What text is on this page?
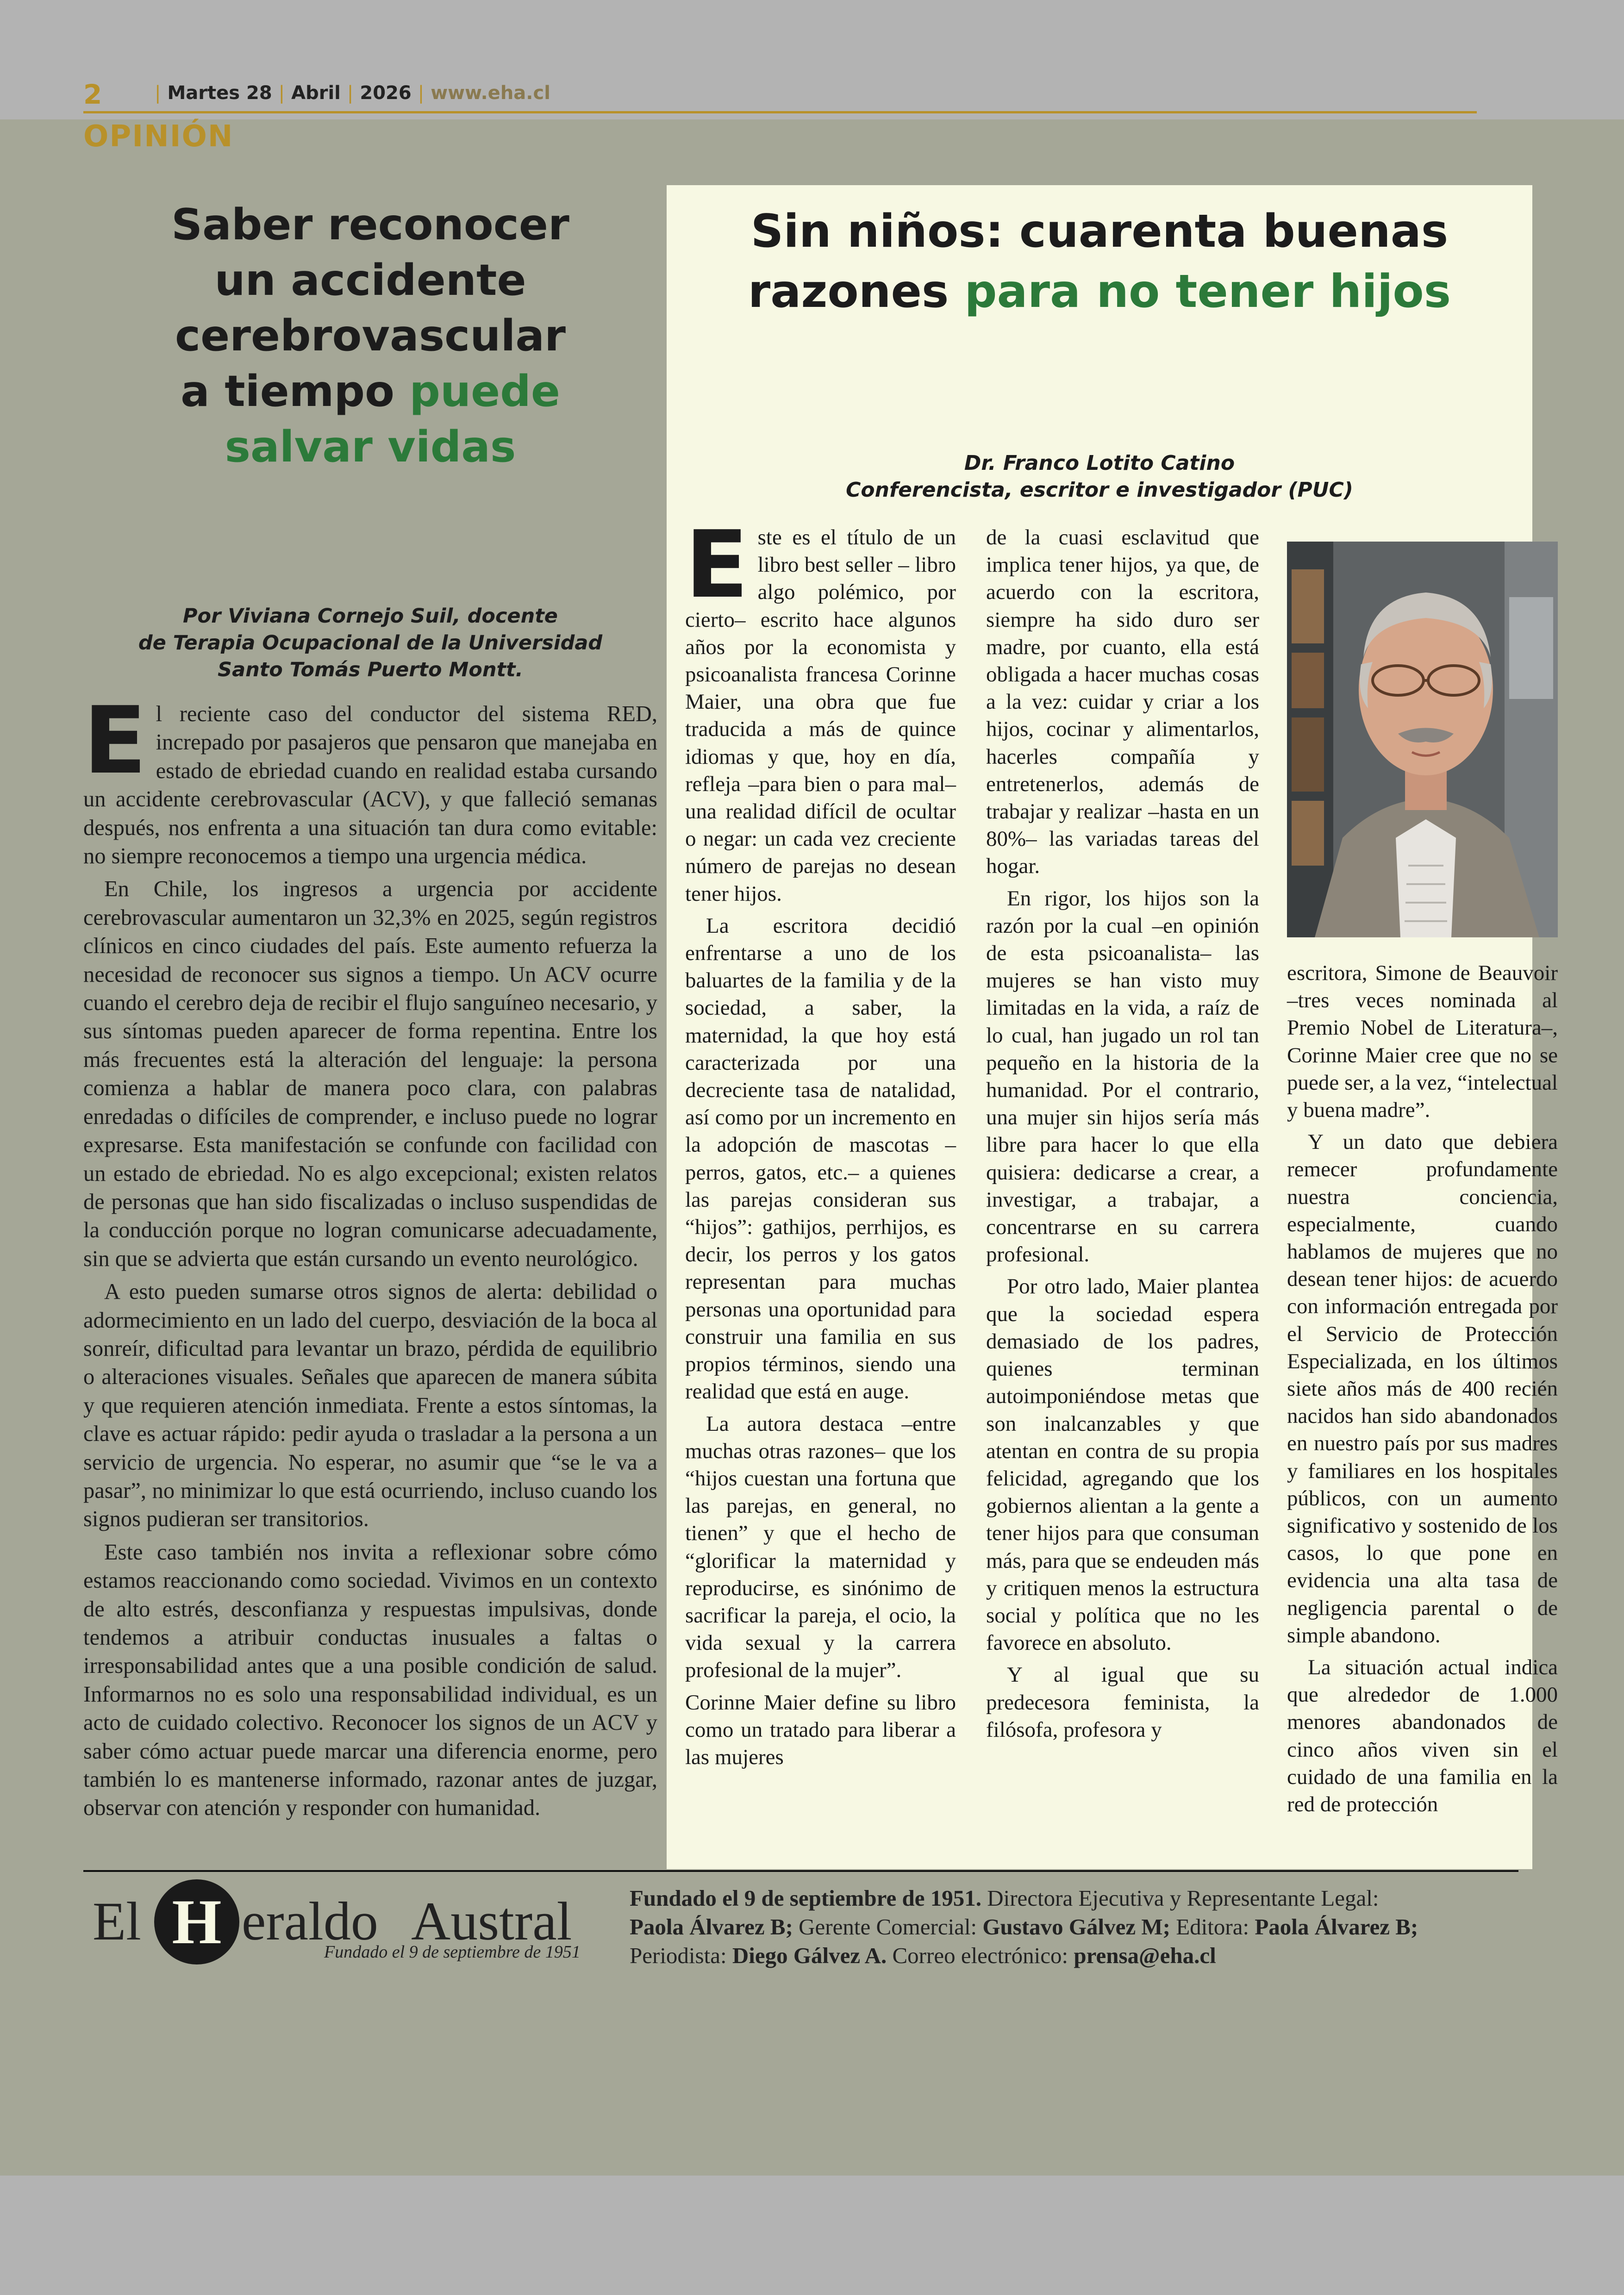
2	| Martes 28 | Abril | 2026 | www.eha.cl
OPINIÓN
Saber reconocer
un accidente
cerebrovascular
a tiempo puede
salvar vidas
Por Viviana Cornejo Suil, docente
de Terapia Ocupacional de la Universidad
Santo Tomás Puerto Montt.

El reciente caso del conductor del sistema RED, increpado por pasajeros que pensaron que manejaba en estado de ebriedad cuando en realidad estaba cursando un accidente cerebrovascular (ACV), y que falleció semanas después, nos enfrenta a una situación tan dura como evitable: no siempre reconocemos a tiempo una urgencia médica.

En Chile, los ingresos a urgencia por accidente cerebrovascular aumentaron un 32,3% en 2025, según registros clínicos en cinco ciudades del país. Este aumento refuerza la necesidad de reconocer sus signos a tiempo. Un ACV ocurre cuando el cerebro deja de recibir el flujo sanguíneo necesario, y sus síntomas pueden aparecer de forma repentina. Entre los más frecuentes está la alteración del lenguaje: la persona comienza a hablar de manera poco clara, con palabras enredadas o difíciles de comprender, e incluso puede no lograr expresarse. Esta manifestación se confunde con facilidad con un estado de ebriedad. No es algo excepcional; existen relatos de personas que han sido fiscalizadas o incluso suspendidas de la conducción porque no logran comunicarse adecuadamente, sin que se advierta que están cursando un evento neurológico.

A esto pueden sumarse otros signos de alerta: debilidad o adormecimiento en un lado del cuerpo, desviación de la boca al sonreír, dificultad para levantar un brazo, pérdida de equilibrio o alteraciones visuales. Señales que aparecen de manera súbita y que requieren atención inmediata. Frente a estos síntomas, la clave es actuar rápido: pedir ayuda o trasladar a la persona a un servicio de urgencia. No esperar, no asumir que “se le va a pasar”, no minimizar lo que está ocurriendo, incluso cuando los signos pudieran ser transitorios.

Este caso también nos invita a reflexionar sobre cómo estamos reaccionando como sociedad. Vivimos en un contexto de alto estrés, desconfianza y respuestas impulsivas, donde tendemos a atribuir conductas inusuales a faltas o irresponsabilidad antes que a una posible condición de salud. Informarnos no es solo una responsabilidad individual, es un acto de cuidado colectivo. Reconocer los signos de un ACV y saber cómo actuar puede marcar una diferencia enorme, pero también lo es mantenerse informado, razonar antes de juzgar, observar con atención y responder con humanidad.

Sin niños: cuarenta buenas
razones para no tener hijos
Dr. Franco Lotito Catino
Conferencista, escritor e investigador (PUC)

Este es el título de un libro best seller – libro algo polémico, por cierto– escrito hace algunos años por la economista y psicoanalista francesa Corinne Maier, una obra que fue traducida a más de quince idiomas y que, hoy en día, refleja –para bien o para mal– una realidad difícil de ocultar o negar: un cada vez creciente número de parejas no desean tener hijos.

La escritora decidió enfrentarse a uno de los baluartes de la familia y de la sociedad, a saber, la maternidad, la que hoy está caracterizada por una decreciente tasa de natalidad, así como por un incremento en la adopción de mascotas –perros, gatos, etc.– a quienes las parejas consideran sus “hijos”: gathijos, perrhijos, es decir, los perros y los gatos representan para muchas personas una oportunidad para construir una familia en sus propios términos, siendo una realidad que está en auge.

La autora destaca –entre muchas otras razones– que los “hijos cuestan una fortuna que las parejas, en general, no tienen” y que el hecho de “glorificar la maternidad y reproducirse, es sinónimo de sacrificar la pareja, el ocio, la vida sexual y la carrera profesional de la mujer”.

Corinne Maier define su libro como un tratado para liberar a las mujeres

de la cuasi esclavitud que implica tener hijos, ya que, de acuerdo con la escritora, siempre ha sido duro ser madre, por cuanto, ella está obligada a hacer muchas cosas a la vez: cuidar y criar a los hijos, cocinar y alimentarlos, hacerles compañía y entretenerlos, además de trabajar y realizar –hasta en un 80%– las variadas tareas del hogar.

En rigor, los hijos son la razón por la cual –en opinión de esta psicoanalista– las mujeres se han visto muy limitadas en la vida, a raíz de lo cual, han jugado un rol tan pequeño en la historia de la humanidad. Por el contrario, una mujer sin hijos sería más libre para hacer lo que ella quisiera: dedicarse a crear, a investigar, a trabajar, a concentrarse en su carrera profesional.

Por otro lado, Maier plantea que la sociedad espera demasiado de los padres, quienes terminan autoimponiéndose metas que son inalcanzables y que atentan en contra de su propia felicidad, agregando que los gobiernos alientan a la gente a tener hijos para que consuman más, para que se endeuden más y critiquen menos la estructura social y política que no les favorece en absoluto.

Y al igual que su predecesora feminista, la filósofa, profesora y

escritora, Simone de Beauvoir –tres veces nominada al Premio Nobel de Literatura–, Corinne Maier cree que no se puede ser, a la vez, “intelectual y buena madre”.

Y un dato que debiera remecer profundamente nuestra conciencia, especialmente, cuando hablamos de mujeres que no desean tener hijos: de acuerdo con información entregada por el Servicio de Protección Especializada, en los últimos siete años más de 400 recién nacidos han sido abandonados en nuestro país por sus madres y familiares en los hospitales públicos, con un aumento significativo y sostenido de los casos, lo que pone en evidencia una alta tasa de negligencia parental o de simple abandono.

La situación actual indica que alrededor de 1.000 menores abandonados de cinco años viven sin el cuidado de una familia en la red de protección

El H eraldo Austral
Fundado el 9 de septiembre de 1951
Fundado el 9 de septiembre de 1951. Directora Ejecutiva y Representante Legal:
Paola Álvarez B; Gerente Comercial: Gustavo Gálvez M; Editora: Paola Álvarez B;
Periodista: Diego Gálvez A. Correo electrónico: prensa@eha.cl
